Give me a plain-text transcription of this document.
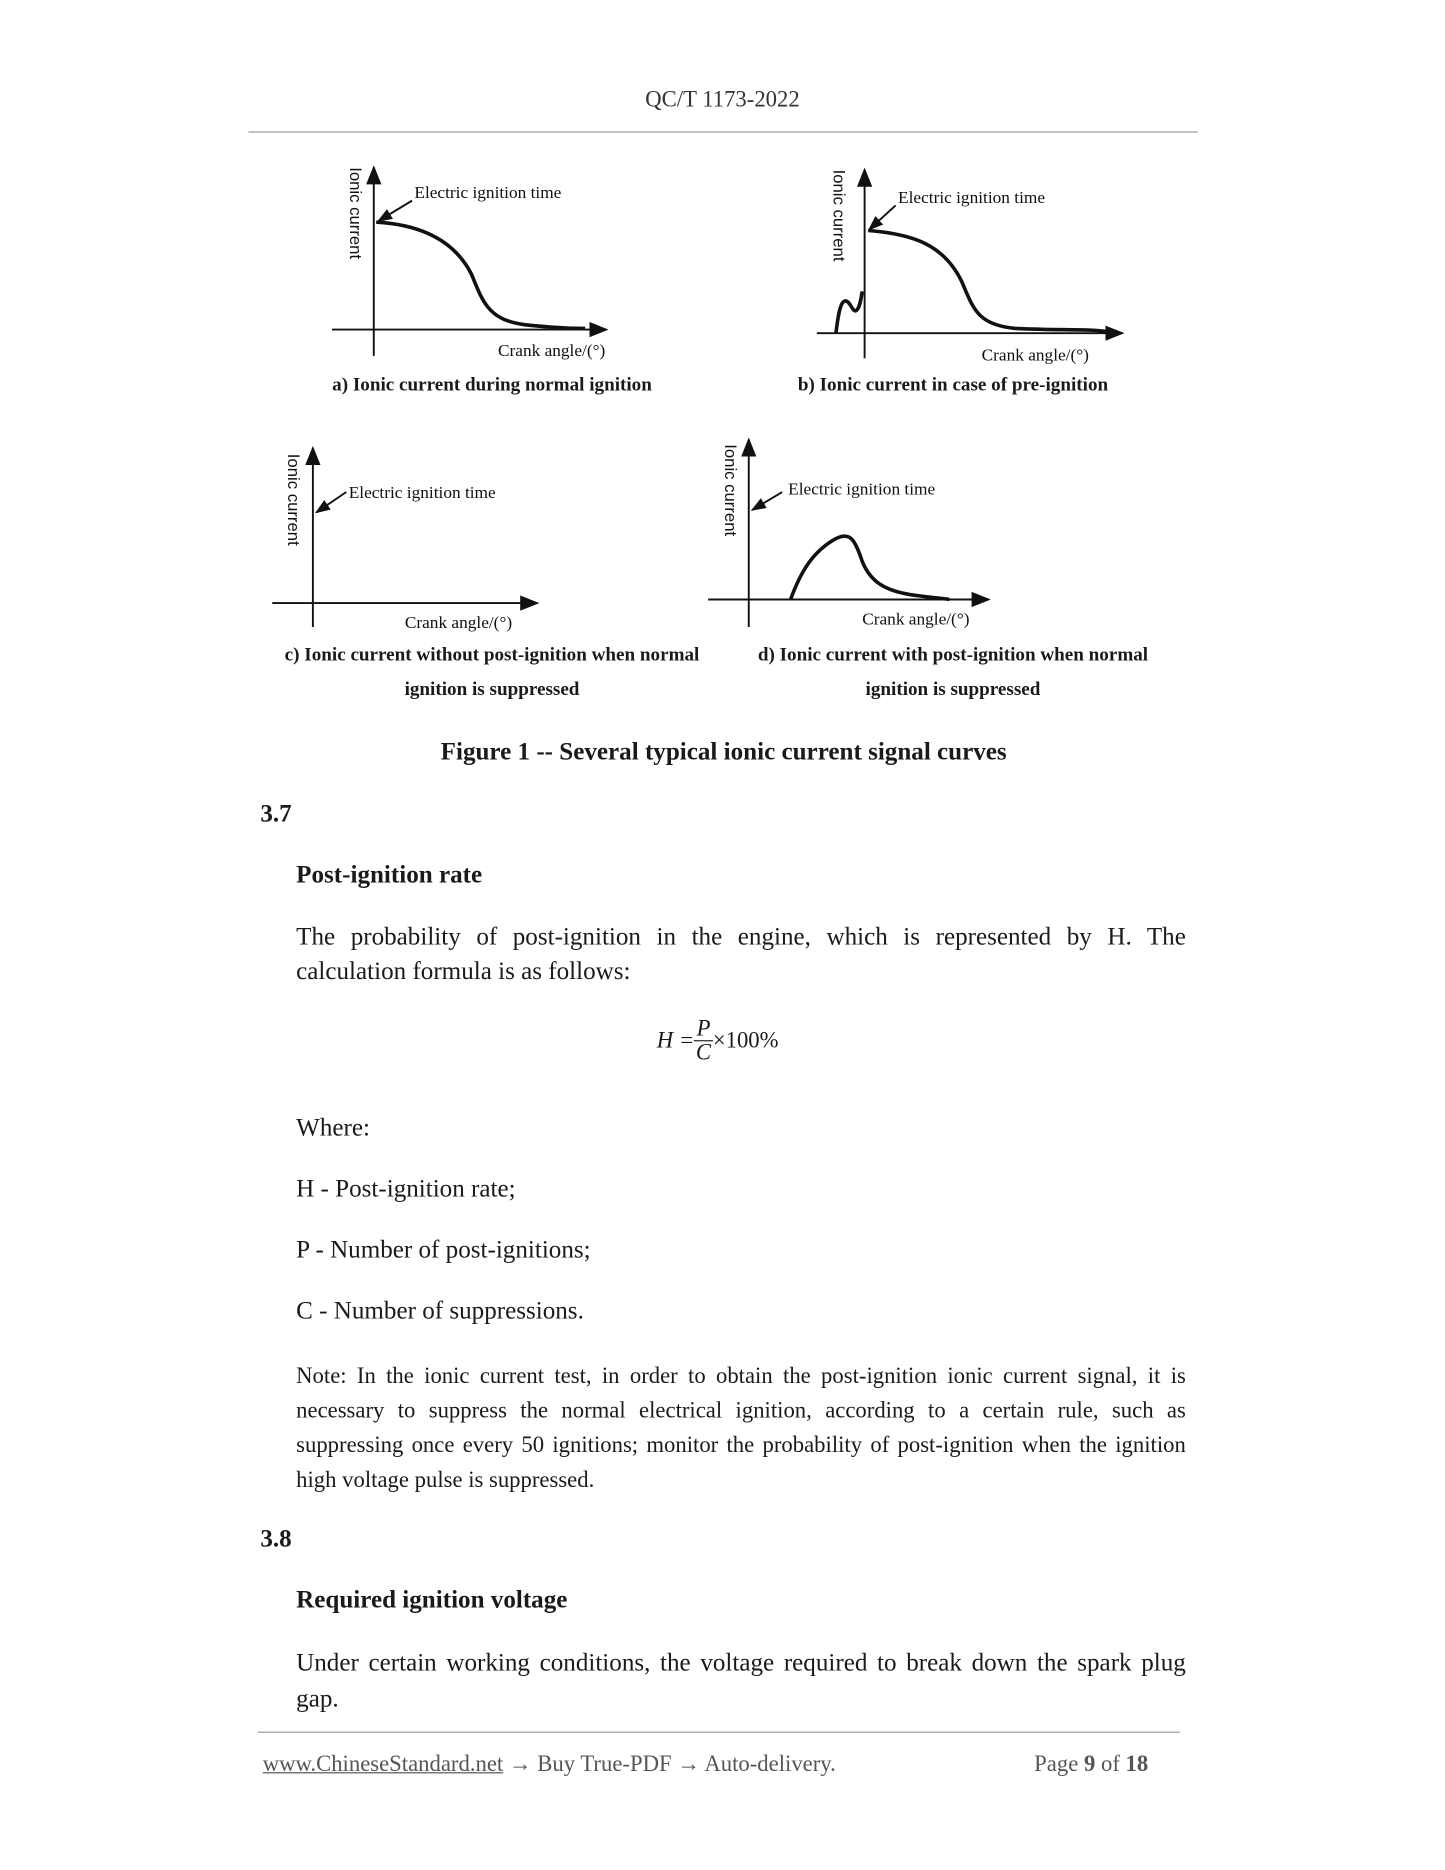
QC/T 1173-2022
Ionic current	Electric ignition time
Crank angle/(°)
Ionic current	Electric ignition time
Crank angle/(°)
Ionic current	Electric ignition time
Crank angle/(°)
Ionic current	Electric ignition time
Crank angle/(°)
a) Ionic current during normal ignition	b) Ionic current in case of pre-ignition
c) Ionic current without post-ignition when normal
ignition is suppressed
d) Ionic current with post-ignition when normal
ignition is suppressed
Figure 1 -- Several typical ionic current signal curves
3.7
Post-ignition rate
The probability of post-ignition in the engine, which is represented by H. The calculation formula is as follows:
$H = \frac{P}{C} \times 100\%$
Where:
H - Post-ignition rate;
P - Number of post-ignitions;
C - Number of suppressions.
Note: In the ionic current test, in order to obtain the post-ignition ionic current signal, it is necessary to suppress the normal electrical ignition, according to a certain rule, such as suppressing once every 50 ignitions; monitor the probability of post-ignition when the ignition high voltage pulse is suppressed.
3.8
Required ignition voltage
Under certain working conditions, the voltage required to break down the spark plug gap.
www.ChineseStandard.net → Buy True-PDF → Auto-delivery.	Page 9 of 18
